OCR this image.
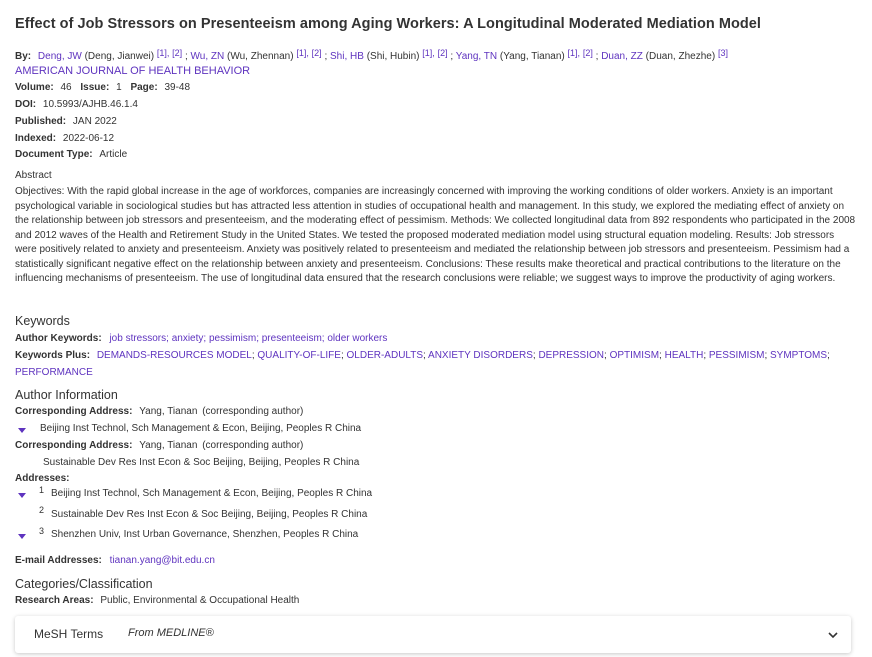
Effect of Job Stressors on Presenteeism among Aging Workers: A Longitudinal Moderated Mediation Model
By: Deng, JW (Deng, Jianwei) [1], [2] ; Wu, ZN (Wu, Zhennan) [1], [2] ; Shi, HB (Shi, Hubin) [1], [2] ; Yang, TN (Yang, Tianan) [1], [2] ; Duan, ZZ (Duan, Zhezhe) [3]
AMERICAN JOURNAL OF HEALTH BEHAVIOR
Volume: 46 Issue: 1 Page: 39-48
DOI: 10.5993/AJHB.46.1.4
Published: JAN 2022
Indexed: 2022-06-12
Document Type: Article
Abstract
Objectives: With the rapid global increase in the age of workforces, companies are increasingly concerned with improving the working conditions of older workers. Anxiety is an important psychological variable in sociological studies but has attracted less attention in studies of occupational health and management. In this study, we explored the mediating effect of anxiety on the relationship between job stressors and presenteeism, and the moderating effect of pessimism. Methods: We collected longitudinal data from 892 respondents who participated in the 2008 and 2012 waves of the Health and Retirement Study in the United States. We tested the proposed moderated mediation model using structural equation modeling. Results: Job stressors were positively related to anxiety and presenteeism. Anxiety was positively related to presenteeism and mediated the relationship between job stressors and presenteeism. Pessimism had a statistically significant negative effect on the relationship between anxiety and presenteeism. Conclusions: These results make theoretical and practical contributions to the literature on the influencing mechanisms of presenteeism. The use of longitudinal data ensured that the research conclusions were reliable; we suggest ways to improve the productivity of aging workers.
Keywords
Author Keywords: job stressors; anxiety; pessimism; presenteeism; older workers
Keywords Plus: DEMANDS-RESOURCES MODEL; QUALITY-OF-LIFE; OLDER-ADULTS; ANXIETY DISORDERS; DEPRESSION; OPTIMISM; HEALTH; PESSIMISM; SYMPTOMS;
PERFORMANCE
Author Information
Corresponding Address: Yang, Tianan (corresponding author)
Beijing Inst Technol, Sch Management & Econ, Beijing, Peoples R China
Corresponding Address: Yang, Tianan (corresponding author)
Sustainable Dev Res Inst Econ & Soc Beijing, Beijing, Peoples R China
Addresses:
1 Beijing Inst Technol, Sch Management & Econ, Beijing, Peoples R China
2 Sustainable Dev Res Inst Econ & Soc Beijing, Beijing, Peoples R China
3 Shenzhen Univ, Inst Urban Governance, Shenzhen, Peoples R China
E-mail Addresses: tianan.yang@bit.edu.cn
Categories/Classification
Research Areas: Public, Environmental & Occupational Health
MeSH Terms From MEDLINE®
